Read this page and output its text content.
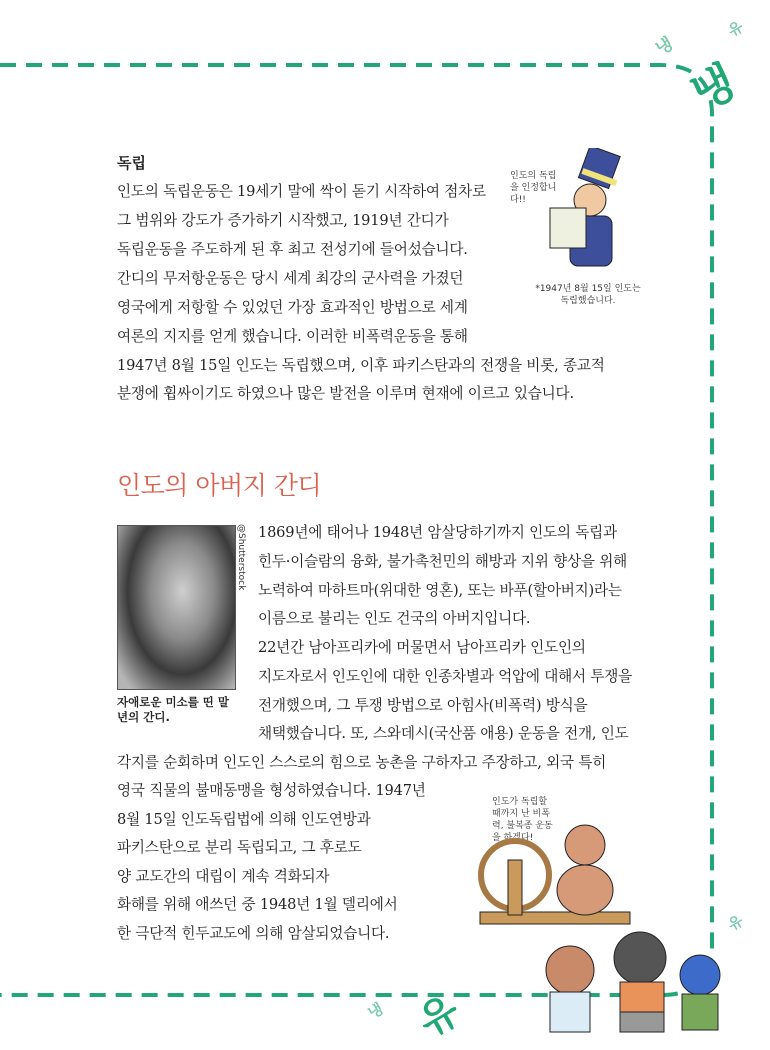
냉
냉
유
유
냉
유
독립
인도의 독립운동은 19세기 말에 싹이 돋기 시작하여 점차로
그 범위와 강도가 증가하기 시작했고, 1919년 간디가
독립운동을 주도하게 된 후 최고 전성기에 들어섰습니다.
간디의 무저항운동은 당시 세계 최강의 군사력을 가졌던
영국에게 저항할 수 있었던 가장 효과적인 방법으로 세계
여론의 지지를 얻게 했습니다. 이러한 비폭력운동을 통해
1947년 8월 15일 인도는 독립했으며, 이후 파키스탄과의 전쟁을 비롯, 종교적
분쟁에 휩싸이기도 하였으나 많은 발전을 이루며 현재에 이르고 있습니다.
인도의 독립을 인정합니다!!
*1947년 8월 15일 인도는 독립했습니다.
인도의 아버지 간디
@Shutterstock
자애로운 미소를 띤 말년의 간디.
1869년에 태어나 1948년 암살당하기까지 인도의 독립과
힌두·이슬람의 융화, 불가촉천민의 해방과 지위 향상을 위해
노력하여 마하트마(위대한 영혼), 또는 바푸(할아버지)라는
이름으로 불리는 인도 건국의 아버지입니다.
22년간 남아프리카에 머물면서 남아프리카 인도인의
지도자로서 인도인에 대한 인종차별과 억압에 대해서 투쟁을
전개했으며, 그 투쟁 방법으로 아힘사(비폭력) 방식을
채택했습니다. 또, 스와데시(국산품 애용) 운동을 전개, 인도
각지를 순회하며 인도인 스스로의 힘으로 농촌을 구하자고 주장하고, 외국 특히
영국 직물의 불매동맹을 형성하였습니다. 1947년
8월 15일 인도독립법에 의해 인도연방과
파키스탄으로 분리 독립되고, 그 후로도
양 교도간의 대립이 계속 격화되자
화해를 위해 애쓰던 중 1948년 1월 델리에서
한 극단적 힌두교도에 의해 암살되었습니다.
인도가 독립할 때까지 난 비폭력, 불복종 운동을 하겠다!
